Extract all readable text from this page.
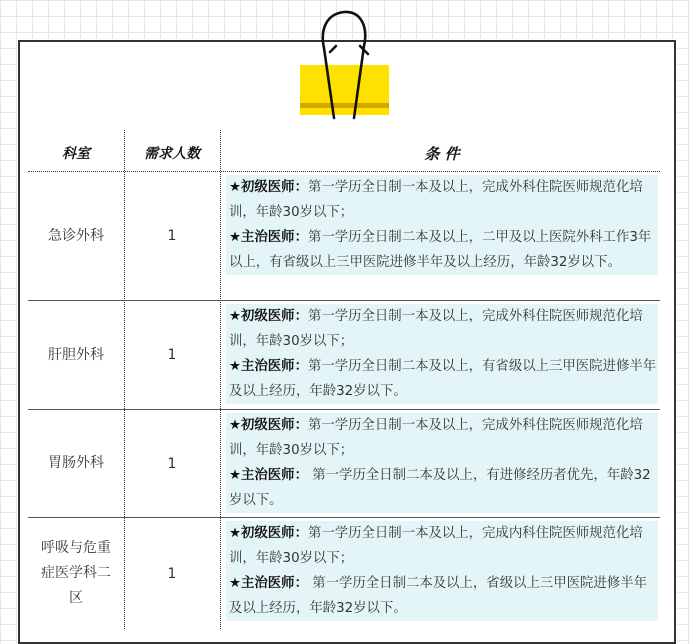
科室	需求人数	条 件
急诊外科	1

★初级医师：第一学历全日制一本及以上，完成外科住院医师规范化培训，年龄30岁以下；

★主治医师：第一学历全日制二本及以上，二甲及以上医院外科工作3年以上，有省级以上三甲医院进修半年及以上经历，年龄32岁以下。

肝胆外科	1

★初级医师：第一学历全日制一本及以上，完成外科住院医师规范化培训，年龄30岁以下；

★主治医师：第一学历全日制二本及以上，有省级以上三甲医院进修半年及以上经历，年龄32岁以下。

胃肠外科	1

★初级医师：第一学历全日制一本及以上，完成外科住院医师规范化培训，年龄30岁以下；

★主治医师： 第一学历全日制二本及以上，有进修经历者优先，年龄32岁以下。

呼吸与危重症医学科二区
1

★初级医师：第一学历全日制一本及以上，完成内科住院医师规范化培训，年龄30岁以下；

★主治医师： 第一学历全日制二本及以上，省级以上三甲医院进修半年及以上经历，年龄32岁以下。
